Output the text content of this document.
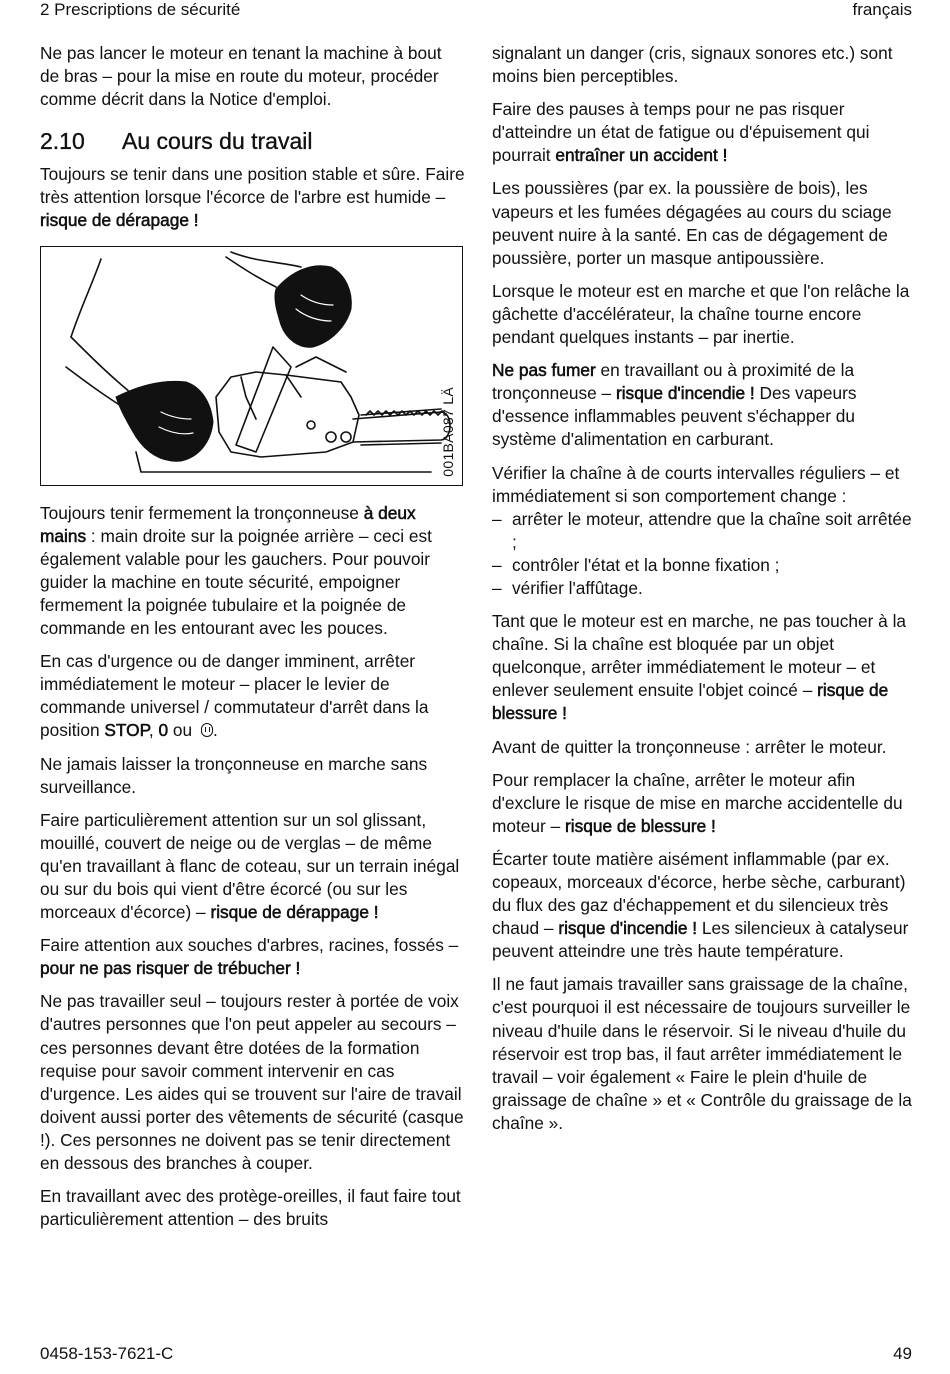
2 Prescriptions de sécurité	français

Ne pas lancer le moteur en tenant la machine à bout de bras – pour la mise en route du moteur, procéder comme décrit dans la Notice d'emploi.

2.10	Au cours du travail

Toujours se tenir dans une position stable et sûre. Faire très attention lorsque l'écorce de l'arbre est humide – risque de dérapage !

001BA087 LÄ

Toujours tenir fermement la tronçonneuse à deux mains : main droite sur la poignée arrière – ceci est également valable pour les gauchers. Pour pouvoir guider la machine en toute sécurité, empoigner fermement la poignée tubulaire et la poignée de commande en les entourant avec les pouces.

En cas d'urgence ou de danger imminent, arrêter immédiatement le moteur – placer le levier de commande universel / commutateur d'arrêt dans la position STOP, 0 ou .

Ne jamais laisser la tronçonneuse en marche sans surveillance.

Faire particulièrement attention sur un sol glissant, mouillé, couvert de neige ou de verglas – de même qu'en travaillant à flanc de coteau, sur un terrain inégal ou sur du bois qui vient d'être écorcé (ou sur les morceaux d'écorce) – risque de dérappage !

Faire attention aux souches d'arbres, racines, fossés – pour ne pas risquer de trébucher !

Ne pas travailler seul – toujours rester à portée de voix d'autres personnes que l'on peut appeler au secours – ces personnes devant être dotées de la formation requise pour savoir comment intervenir en cas d'urgence. Les aides qui se trouvent sur l'aire de travail doivent aussi porter des vêtements de sécurité (casque !). Ces personnes ne doivent pas se tenir directement en dessous des branches à couper.

En travaillant avec des protège-oreilles, il faut faire tout particulièrement attention – des bruits

signalant un danger (cris, signaux sonores etc.) sont moins bien perceptibles.

Faire des pauses à temps pour ne pas risquer d'atteindre un état de fatigue ou d'épuisement qui pourrait entraîner un accident !

Les poussières (par ex. la poussière de bois), les vapeurs et les fumées dégagées au cours du sciage peuvent nuire à la santé. En cas de dégagement de poussière, porter un masque antipoussière.

Lorsque le moteur est en marche et que l'on relâche la gâchette d'accélérateur, la chaîne tourne encore pendant quelques instants – par inertie.

Ne pas fumer en travaillant ou à proximité de la tronçonneuse – risque d'incendie ! Des vapeurs d'essence inflammables peuvent s'échapper du système d'alimentation en carburant.

Vérifier la chaîne à de courts intervalles réguliers – et immédiatement si son comportement change :

– arrêter le moteur, attendre que la chaîne soit arrêtée ;
– contrôler l'état et la bonne fixation ;
– vérifier l'affûtage.

Tant que le moteur est en marche, ne pas toucher à la chaîne. Si la chaîne est bloquée par un objet quelconque, arrêter immédiatement le moteur – et enlever seulement ensuite l'objet coincé – risque de blessure !

Avant de quitter la tronçonneuse : arrêter le moteur.

Pour remplacer la chaîne, arrêter le moteur afin d'exclure le risque de mise en marche accidentelle du moteur – risque de blessure !

Écarter toute matière aisément inflammable (par ex. copeaux, morceaux d'écorce, herbe sèche, carburant) du flux des gaz d'échappement et du silencieux très chaud – risque d'incendie ! Les silencieux à catalyseur peuvent atteindre une très haute température.

Il ne faut jamais travailler sans graissage de la chaîne, c'est pourquoi il est nécessaire de toujours surveiller le niveau d'huile dans le réservoir. Si le niveau d'huile du réservoir est trop bas, il faut arrêter immédiatement le travail – voir également « Faire le plein d'huile de graissage de chaîne » et « Contrôle du graissage de la chaîne ».

0458-153-7621-C	49
